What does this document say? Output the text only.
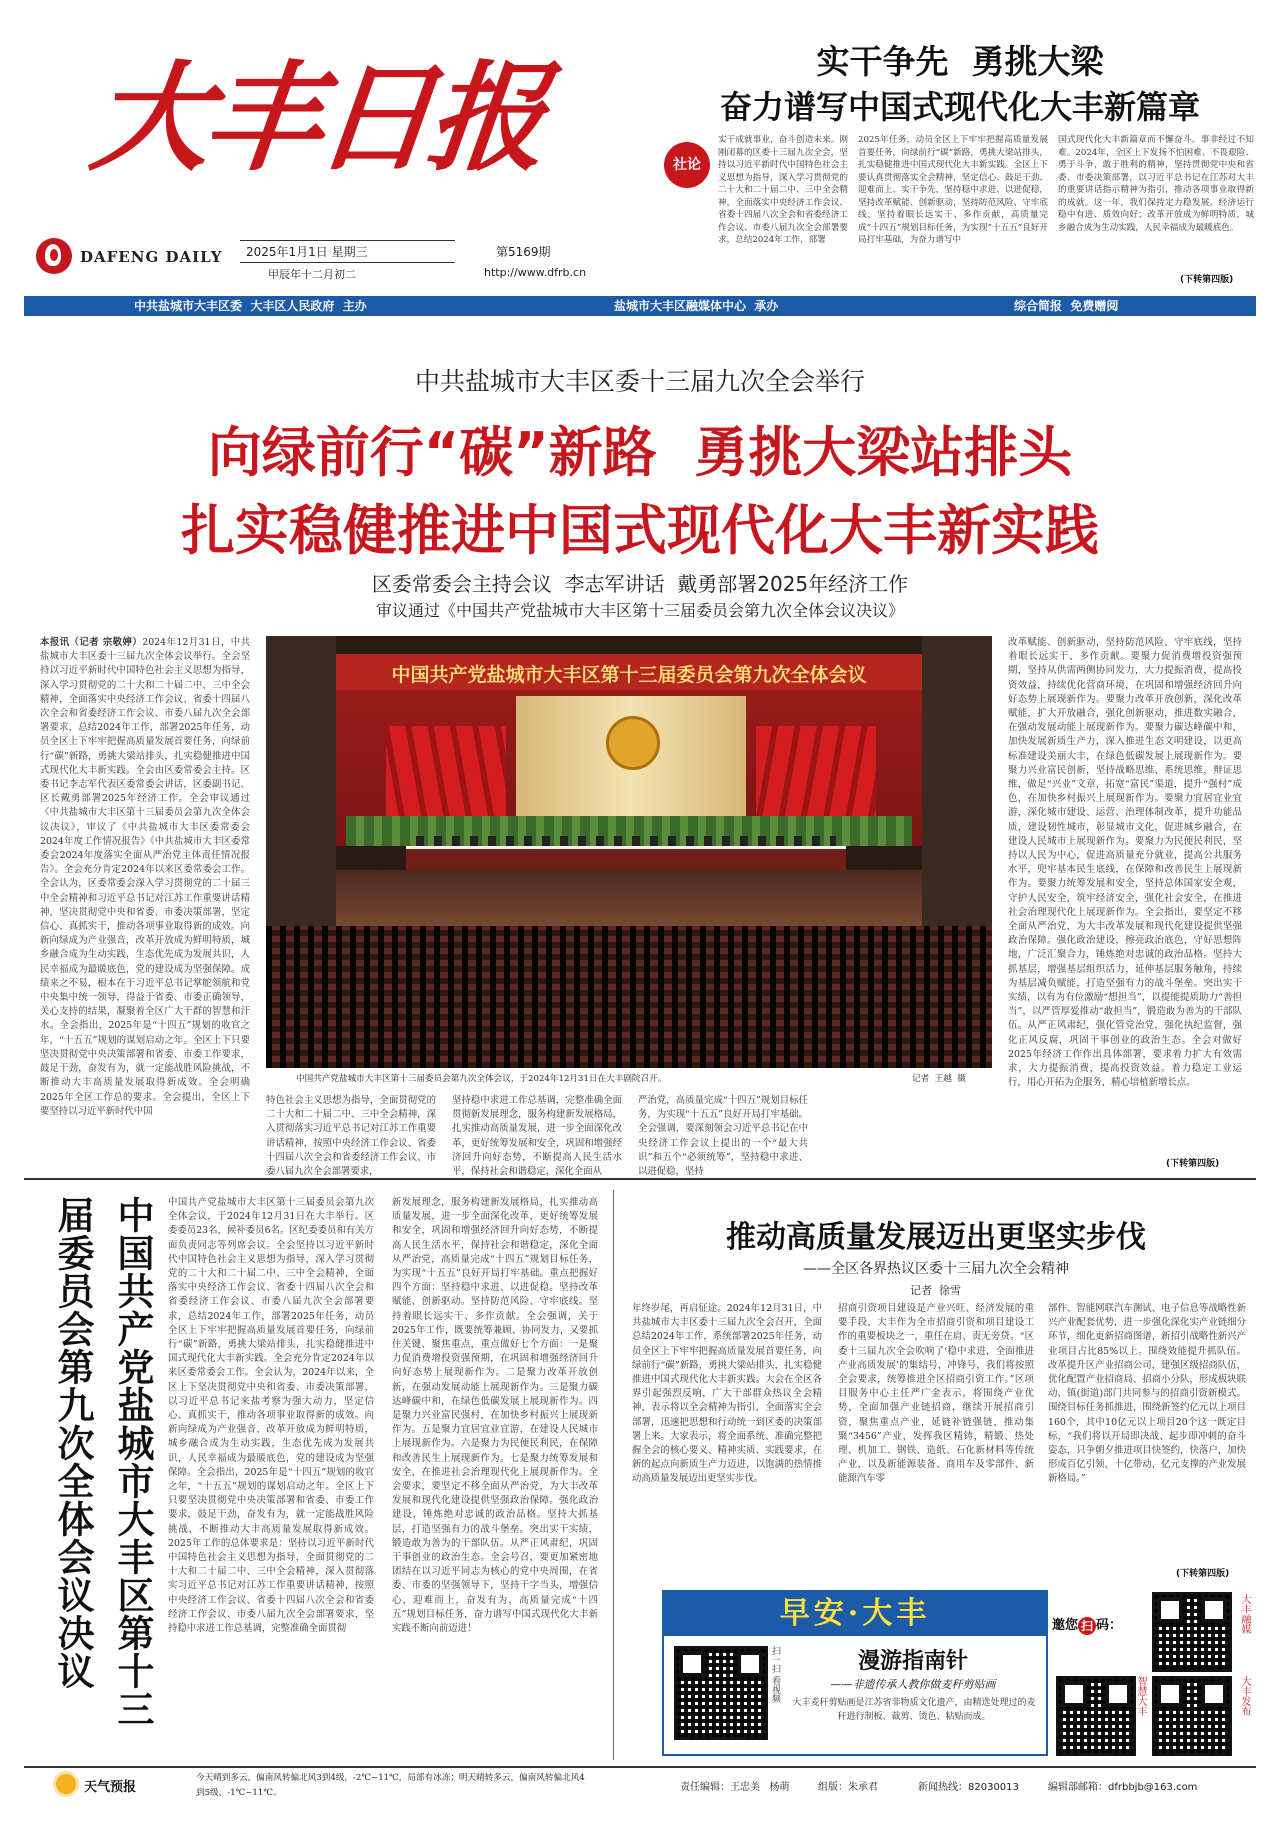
大丰日报
DAFENG DAILY 2025年1月1日 星期三
甲辰年十二月初二
第5169期
http://www.dfrb.cn
实干争先  勇挑大梁
奋力谱写中国式现代化大丰新篇章
社论
实干成就事业，奋斗创造未来。刚刚闭幕的区委十三届九次全会，坚持以习近平新时代中国特色社会主义思想为指导，深入学习贯彻党的二十大和二十届二中、三中全会精神，全面落实中央经济工作会议、省委十四届八次全会和省委经济工作会议、市委八届九次全会部署要求，总结2024年工作，部署
2025年任务，动员全区上下牢牢把握高质量发展首要任务，向绿前行“碳”新路，勇挑大梁站排头，扎实稳健推进中国式现代化大丰新实践。全区上下要认真贯彻落实全会精神，坚定信心、鼓足干劲、迎难而上、实干争先，坚持稳中求进、以进促稳，坚持改革赋能、创新驱动，坚持防范风险、守牢底线，坚持着眼长远实干、多作贡献，高质量完成“十四五”规划目标任务，为实现“十五五”良好开局打牢基础，为奋力谱写中
国式现代化大丰新篇章而不懈奋斗。事非经过不知难。2024年，全区上下发扬不怕困难、不畏艰险、勇于斗争，敢于胜利的精神，坚持贯彻党中央和省委、市委决策部署，以习近平总书记在江苏对大丰的重要讲话指示精神为指引，推动各项事业取得新的成就。这一年，我们保持定力稳发展，经济运行稳中有进、质效向好；改革开放成为鲜明特质，城乡融合成为生动实践，人民幸福成为最暖底色。
(下转第四版)
中共盐城市大丰区委  大丰区人民政府  主办	盐城市大丰区融媒体中心  承办	综合简报  免费赠阅
中共盐城市大丰区委十三届九次全会举行
向绿前行“碳”新路  勇挑大梁站排头
扎实稳健推进中国式现代化大丰新实践
区委常委会主持会议  李志军讲话  戴勇部署2025年经济工作
审议通过《中国共产党盐城市大丰区第十三届委员会第九次全体会议决议》
本报讯（记者 宗敬婷）2024年12月31日，中共盐城市大丰区委十三届九次全体会议举行。全会坚持以习近平新时代中国特色社会主义思想为指导，深入学习贯彻党的二十大和二十届二中、三中全会精神，全面落实中央经济工作会议、省委十四届八次全会和省委经济工作会议、市委八届九次全会部署要求，总结2024年工作，部署2025年任务，动员全区上下牢牢把握高质量发展首要任务，向绿前行“碳”新路，勇挑大梁站排头，扎实稳健推进中国式现代化大丰新实践。全会由区委常委会主持。区委书记李志军代表区委常委会讲话，区委副书记、区长戴勇部署2025年经济工作。全会审议通过《中共盐城市大丰区第十三届委员会第九次全体会议决议》，审议了《中共盐城市大丰区委常委会2024年度工作情况报告》《中共盐城市大丰区委常委会2024年度落实全面从严治党主体责任情况报告》。全会充分肯定2024年以来区委常委会工作。全会认为，区委常委会深入学习贯彻党的二十届三中全会精神和习近平总书记对江苏工作重要讲话精神，坚决贯彻党中央和省委、市委决策部署，坚定信心、真抓实干，推动各项事业取得新的成效。向新向绿成为产业强音，改革开放成为鲜明特质，城乡融合成为生动实践，生态优先成为发展共识，人民幸福成为最暖底色，党的建设成为坚强保障。成绩来之不易，根本在于习近平总书记掌舵领航和党中央集中统一领导，得益于省委、市委正确领导，关心支持的结果，凝聚着全区广大干群的智慧和汗水。全会指出，2025年是“十四五”规划的收官之年，“十五五”规划的谋划启动之年。全区上下只要坚决贯彻党中央决策部署和省委、市委工作要求，鼓足干劲，奋发有为，就一定能战胜风险挑战，不断推动大丰高质量发展取得新成效。全会明确2025年全区工作总的要求。全会提出，全区上下要坚持以习近平新时代中国
中国共产党盐城市大丰区第十三届委员会第九次全体会议
中国共产党盐城市大丰区第十三届委员会第九次全体会议，于2024年12月31日在大丰剧院召开。	记者  王越  摄
特色社会主义思想为指导，全面贯彻党的二十大和二十届二中、三中全会精神，深入贯彻落实习近平总书记对江苏工作重要讲话精神，按照中央经济工作会议、省委十四届八次全会和省委经济工作会议、市委八届九次全会部署要求，
坚持稳中求进工作总基调，完整准确全面贯彻新发展理念，服务构建新发展格局，扎实推动高质量发展，进一步全面深化改革，更好统筹发展和安全，巩固和增强经济回升向好态势，不断提高人民生活水平，保持社会和谐稳定，深化全面从
严治党，高质量完成“十四五”规划目标任务，为实现“十五五”良好开局打牢基础。全会强调，要深刻领会习近平总书记在中央经济工作会议上提出的一个“最大共识”和五个“必须统筹”，坚持稳中求进、以进促稳，坚持
改革赋能、创新驱动，坚持防范风险、守牢底线，坚持着眼长远实干、多作贡献。要聚力促消费增投资强预期，坚持从供需两侧协同发力，大力提振消费，提高投资效益，持续优化营商环境，在巩固和增强经济回升向好态势上展现新作为。要聚力改革开放创新，深化改革赋能，扩大开放融合，强化创新驱动，推进数实融合，在强动发展动能上展现新作为。要聚力碳达峰碳中和，加快发展新质生产力，深入推进生态文明建设，以更高标准建设美丽大丰，在绿色低碳发展上展现新作为。要聚力兴业富民创新，坚持战略思维、系统思维，辩证思维，做足“兴业”文章，拓宽“富民”渠道，提升“强村”成色，在加快乡村振兴上展现新作为。要聚力宜居宜业宜游，深化城市建设、运营、治理体制改革，提升功能品质，建设韧性城市，彰显城市文化，促进城乡融合，在建设人民城市上展现新作为。要聚力为民便民利民，坚持以人民为中心，促进高质量充分就业，提高公共服务水平，兜牢基本民生底线，在保障和改善民生上展现新作为。要聚力统筹发展和安全，坚持总体国家安全观，守护人民安全，筑牢经济安全，强化社会安全，在推进社会治理现代化上展现新作为。全会指出，要坚定不移全面从严治党，为大丰改革发展和现代化建设提供坚强政治保障。强化政治建设，擦亮政治底色，守好思想阵地，广泛汇聚合力，锤炼绝对忠诚的政治品格。坚持大抓基层，增强基层组织活力，延伸基层服务触角，持续为基层减负赋能，打造坚强有力的战斗堡垒。突出实干实绩，以有为有位激励“想担当”，以提能提质助力“善担当”，以严管厚爱推动“敢担当”，锻造敢为善为的干部队伍。从严正风肃纪，强化管党治党，强化执纪监督，强化正风反腐，巩固干事创业的政治生态。全会对做好2025年经济工作作出具体部署，要求着力扩大有效需求，大力提振消费，提高投资效益。着力稳定工业运行，用心开拓为企服务，精心培植新增长点。
(下转第四版)
中国共产党盐城市大丰区第十三届委员会第九次全体会议决议	中国共产党盐城市大丰区第十三届委员会第九次全体会议，于2024年12月31日在大丰举行。区委委员23名，候补委员6名。区纪委委员和有关方面负责同志等列席会议。全会坚持以习近平新时代中国特色社会主义思想为指导，深入学习贯彻党的二十大和二十届二中、三中全会精神，全面落实中央经济工作会议、省委十四届八次全会和省委经济工作会议、市委八届九次全会部署要求，总结2024年工作，部署2025年任务，动员全区上下牢牢把握高质量发展首要任务，向绿前行“碳”新路，勇挑大梁站排头，扎实稳健推进中国式现代化大丰新实践。全会充分肯定2024年以来区委常委会工作。全会认为，2024年以来，全区上下坚决贯彻党中央和省委、市委决策部署，以习近平总书记来盐考察为强大动力，坚定信心、真抓实干，推动各项事业取得新的成效。向新向绿成为产业强音，改革开放成为鲜明特质，城乡融合成为生动实践，生态优先成为发展共识，人民幸福成为最暖底色，党的建设成为坚强保障。全会指出，2025年是“十四五”规划的收官之年，“十五五”规划的谋划启动之年。全区上下只要坚决贯彻党中央决策部署和省委、市委工作要求，鼓足干劲，奋发有为，就一定能战胜风险挑战，不断推动大丰高质量发展取得新成效。2025年工作的总体要求是：坚持以习近平新时代中国特色社会主义思想为指导，全面贯彻党的二十大和二十届二中、三中全会精神，深入贯彻落实习近平总书记对江苏工作重要讲话精神，按照中央经济工作会议、省委十四届八次全会和省委经济工作会议、市委八届九次全会部署要求，坚持稳中求进工作总基调，完整准确全面贯彻
新发展理念，服务构建新发展格局，扎实推动高质量发展，进一步全面深化改革，更好统筹发展和安全，巩固和增强经济回升向好态势，不断提高人民生活水平，保持社会和谐稳定，深化全面从严治党，高质量完成“十四五”规划目标任务，为实现“十五五”良好开局打牢基础。重点把握好四个方面：坚持稳中求进、以进促稳。坚持改革赋能、创新驱动。坚持防范风险、守牢底线。坚持着眼长远实干、多作贡献。全会强调，关于2025年工作，既要统筹兼顾、协同发力，又要抓住关键、聚焦重点，重点做好七个方面：一是聚力促消费增投资强预期，在巩固和增强经济回升向好态势上展现新作为。二是聚力改革开放创新，在强动发展动能上展现新作为。三是聚力碳达峰碳中和，在绿色低碳发展上展现新作为。四是聚力兴业富民强村，在加快乡村振兴上展现新作为。五是聚力宜居宜业宜游，在建设人民城市上展现新作为。六是聚力为民便民利民，在保障和改善民生上展现新作为。七是聚力统筹发展和安全，在推进社会治理现代化上展现新作为。全会要求，要坚定不移全面从严治党，为大丰改革发展和现代化建设提供坚强政治保障。强化政治建设，锤炼绝对忠诚的政治品格。坚持大抓基层，打造坚强有力的战斗堡垒。突出实干实绩，锻造敢为善为的干部队伍。从严正风肃纪，巩固干事创业的政治生态。全会号召，要更加紧密地团结在以习近平同志为核心的党中央周围，在省委、市委的坚强领导下，坚持干字当头，增强信心，迎难而上，奋发有为，高质量完成“十四五”规划目标任务，奋力谱写中国式现代化大丰新实践不断向前迈进！
推动高质量发展迈出更坚实步伐
——全区各界热议区委十三届九次全会精神
记者  徐雪
年终岁尾，再启征途。2024年12月31日，中共盐城市大丰区委十三届九次全会召开，全面总结2024年工作，系统部署2025年任务，动员全区上下牢牢把握高质量发展首要任务，向绿前行“碳”新路，勇挑大梁站排头，扎实稳健推进中国式现代化大丰新实践。大会在全区各界引起强烈反响，广大干部群众热议全会精神，表示将以全会精神为指引，全面落实全会部署，迅速把思想和行动统一到区委的决策部署上来。大家表示，将全面系统、准确完整把握全会的核心要义、精神实质、实践要求，在新的起点向新质生产力迈进，以饱满的热情推动高质量发展迈出更坚实步伐。
招商引资项目建设是产业兴旺、经济发展的重要手段，大丰作为全市招商引资和项目建设工作的重要板块之一，重任在肩、责无旁贷。“区委十三届九次全会吹响了‘稳中求进，全面推进产业高质发展’的集结号，冲锋号，我们将按照全会要求，统筹推进全区招商引资工作。”区项目服务中心主任严广金表示，将围绕产业优势，全面加强产业链招商，继续开展招商引资，聚焦重点产业，延链补链强链，推动集聚“3456”产业，发挥我区精铸，精锻、热处理、机加工、钢铁、造纸、石化新材料等传统产业，以及新能源装备、商用车及零部件、新能源汽车零
部件、智能网联汽车测试、电子信息等战略性新兴产业配套优势，进一步强化深化实产业链细分环节，细化更新招商图谱，新招引战略性新兴产业项目占比85%以上。围绕效能提升抓队伍。改革提升区产业招商公司，建强区级招商队伍，优化配置产业招商局、招商小分队，形成板块联动、镇(街道)部门共同参与的招商引资新模式。围绕目标任务抓推进，围绕新签约亿元以上项目160个，其中10亿元以上项目20个这一既定目标，“我们将以开局即决战、起步即冲刺的奋斗姿态，只争朝夕推进项目快签约，快落户，加快形成百亿引领，十亿带动，亿元支撑的产业发展新格局。”
(下转第四版)
早安·大丰
扫一扫 看视频	漫游指南针
——非遗传承人教你做麦秆剪贴画
大丰麦秆剪贴画是江苏省非物质文化遗产，由精选处理过的麦秆进行制板、裁剪、烫色、粘贴而成。
邀您 扫 码：	大丰融媒
智慧大丰	大丰发布
天气预报
今天晴到多云，偏南风转偏北风3到4级，-2℃~11℃，局部有冰冻；明天晴转多云，偏南风转偏北风4
到5级，-1℃~11℃。	责任编辑：王忠美   杨萌	组版：朱承君	新闻热线：82030013	编辑部邮箱：dfrbbjb@163.com
